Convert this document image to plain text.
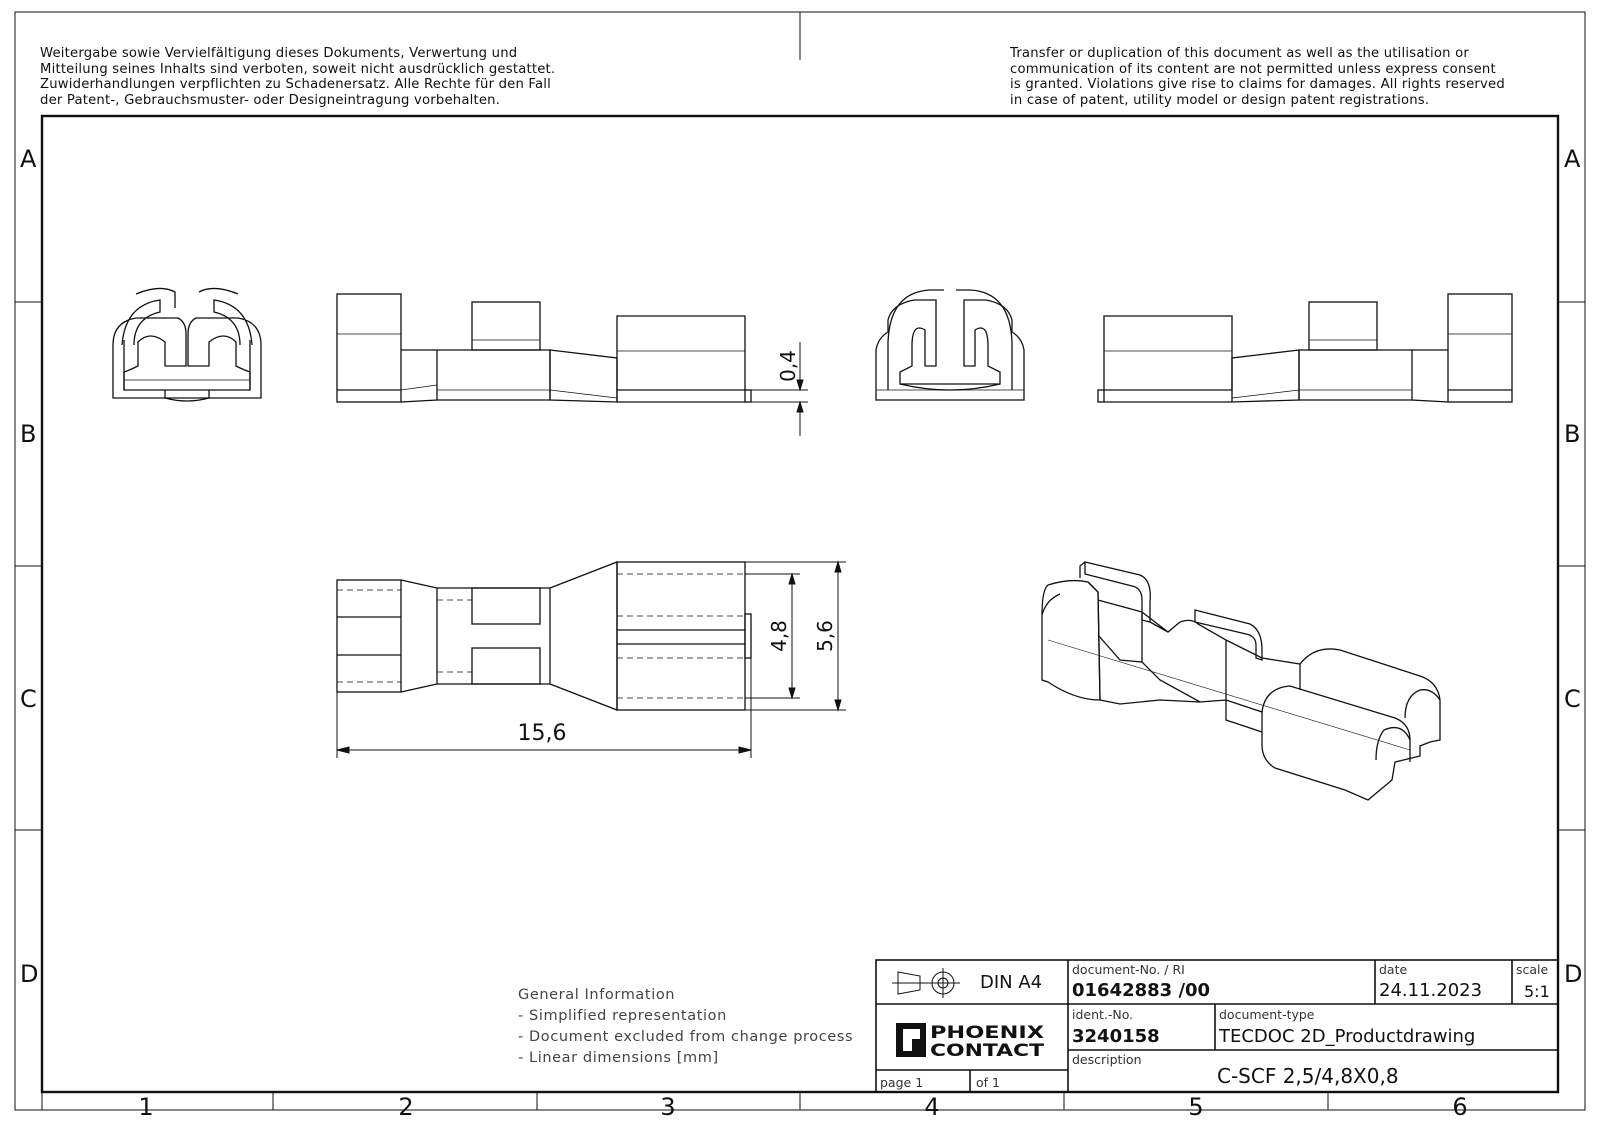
Weitergabe sowie Vervielfältigung dieses Dokuments, Verwertung und
Mitteilung seines Inhalts sind verboten, soweit nicht ausdrücklich gestattet.
Zuwiderhandlungen verpflichten zu Schadenersatz. Alle Rechte für den Fall
der Patent-, Gebrauchsmuster- oder Designeintragung vorbehalten.
Transfer or duplication of this document as well as the utilisation or
communication of its content are not permitted unless express consent
is granted. Violations give rise to claims for damages. All rights reserved
in case of patent, utility model or design patent registrations.
0,4
4,8 5,6
15,6
A
B
C
D
A
B
C
D
1	2	3	4	5	6
General Information
- Simplified representation
- Document excluded from change process
- Linear dimensions [mm]
DIN A4
document-No. / RI
01642883 /00
date
24.11.2023
scale
5:1
ident.-No.
3240158
document-type
TECDOC 2D_Productdrawing
description
C-SCF 2,5/4,8X0,8
page 1	of 1
PHOENIX
CONTACT
